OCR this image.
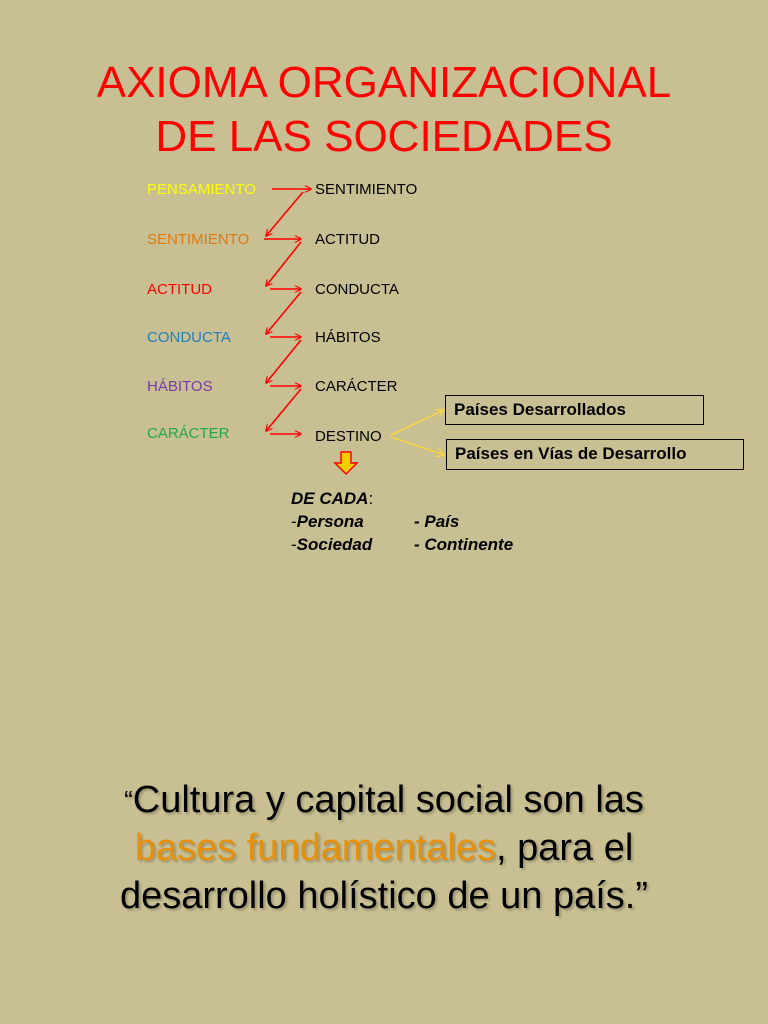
AXIOMA ORGANIZACIONAL
DE LAS SOCIEDADES
PENSAMIENTO
SENTIMIENTO
ACTITUD
CONDUCTA
HÁBITOS
CARÁCTER
SENTIMIENTO
ACTITUD
CONDUCTA
HÁBITOS
CARÁCTER
DESTINO
Países Desarrollados
Países en Vías de Desarrollo
DE CADA:
-Persona	- País
-Sociedad - Continente
“Cultura y capital social son las
bases fundamentales, para el
desarrollo holístico de un país.”
